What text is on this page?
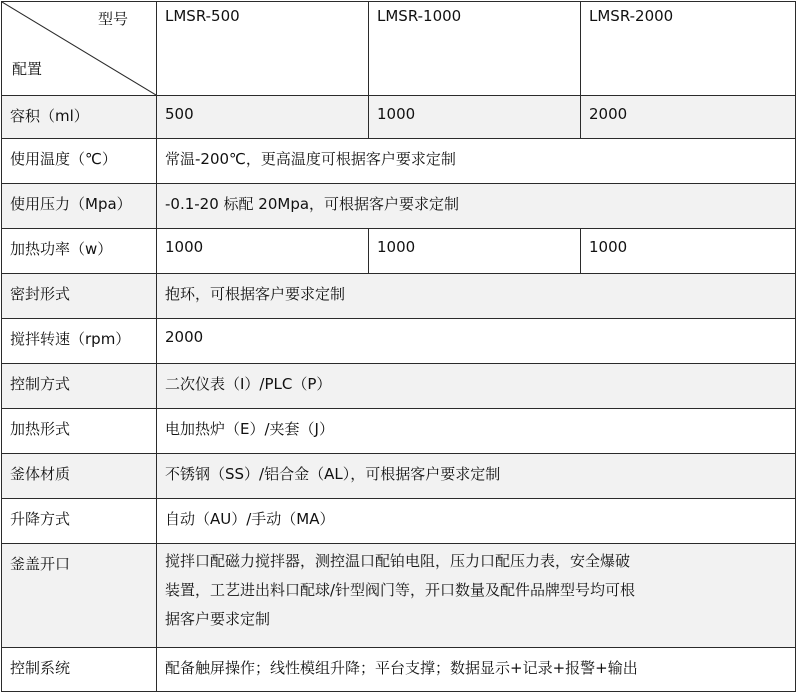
型号
配置	LMSR-500	LMSR-1000	LMSR-2000
容积（ml）	500	1000	2000
使用温度（℃）	常温-200℃，更高温度可根据客户要求定制		
使用压力（Mpa）	-0.1-20 标配 20Mpa，可根据客户要求定制		
加热功率（w）	1000	1000	1000
密封形式	抱环，可根据客户要求定制		
搅拌转速（rpm）	2000		
控制方式	二次仪表（I）/PLC（P）		
加热形式	电加热炉（E）/夹套（J）		
釜体材质	不锈钢（SS）/铝合金（AL），可根据客户要求定制		
升降方式	自动（AU）/手动（MA）		
釜盖开口	搅拌口配磁力搅拌器，测控温口配铂电阻，压力口配压力表，安全爆破
装置，工艺进出料口配球/针型阀门等，开口数量及配件品牌型号均可根
据客户要求定制		

控制系统	配备触屏操作；线性模组升降；平台支撑；数据显示+记录+报警+输出		
